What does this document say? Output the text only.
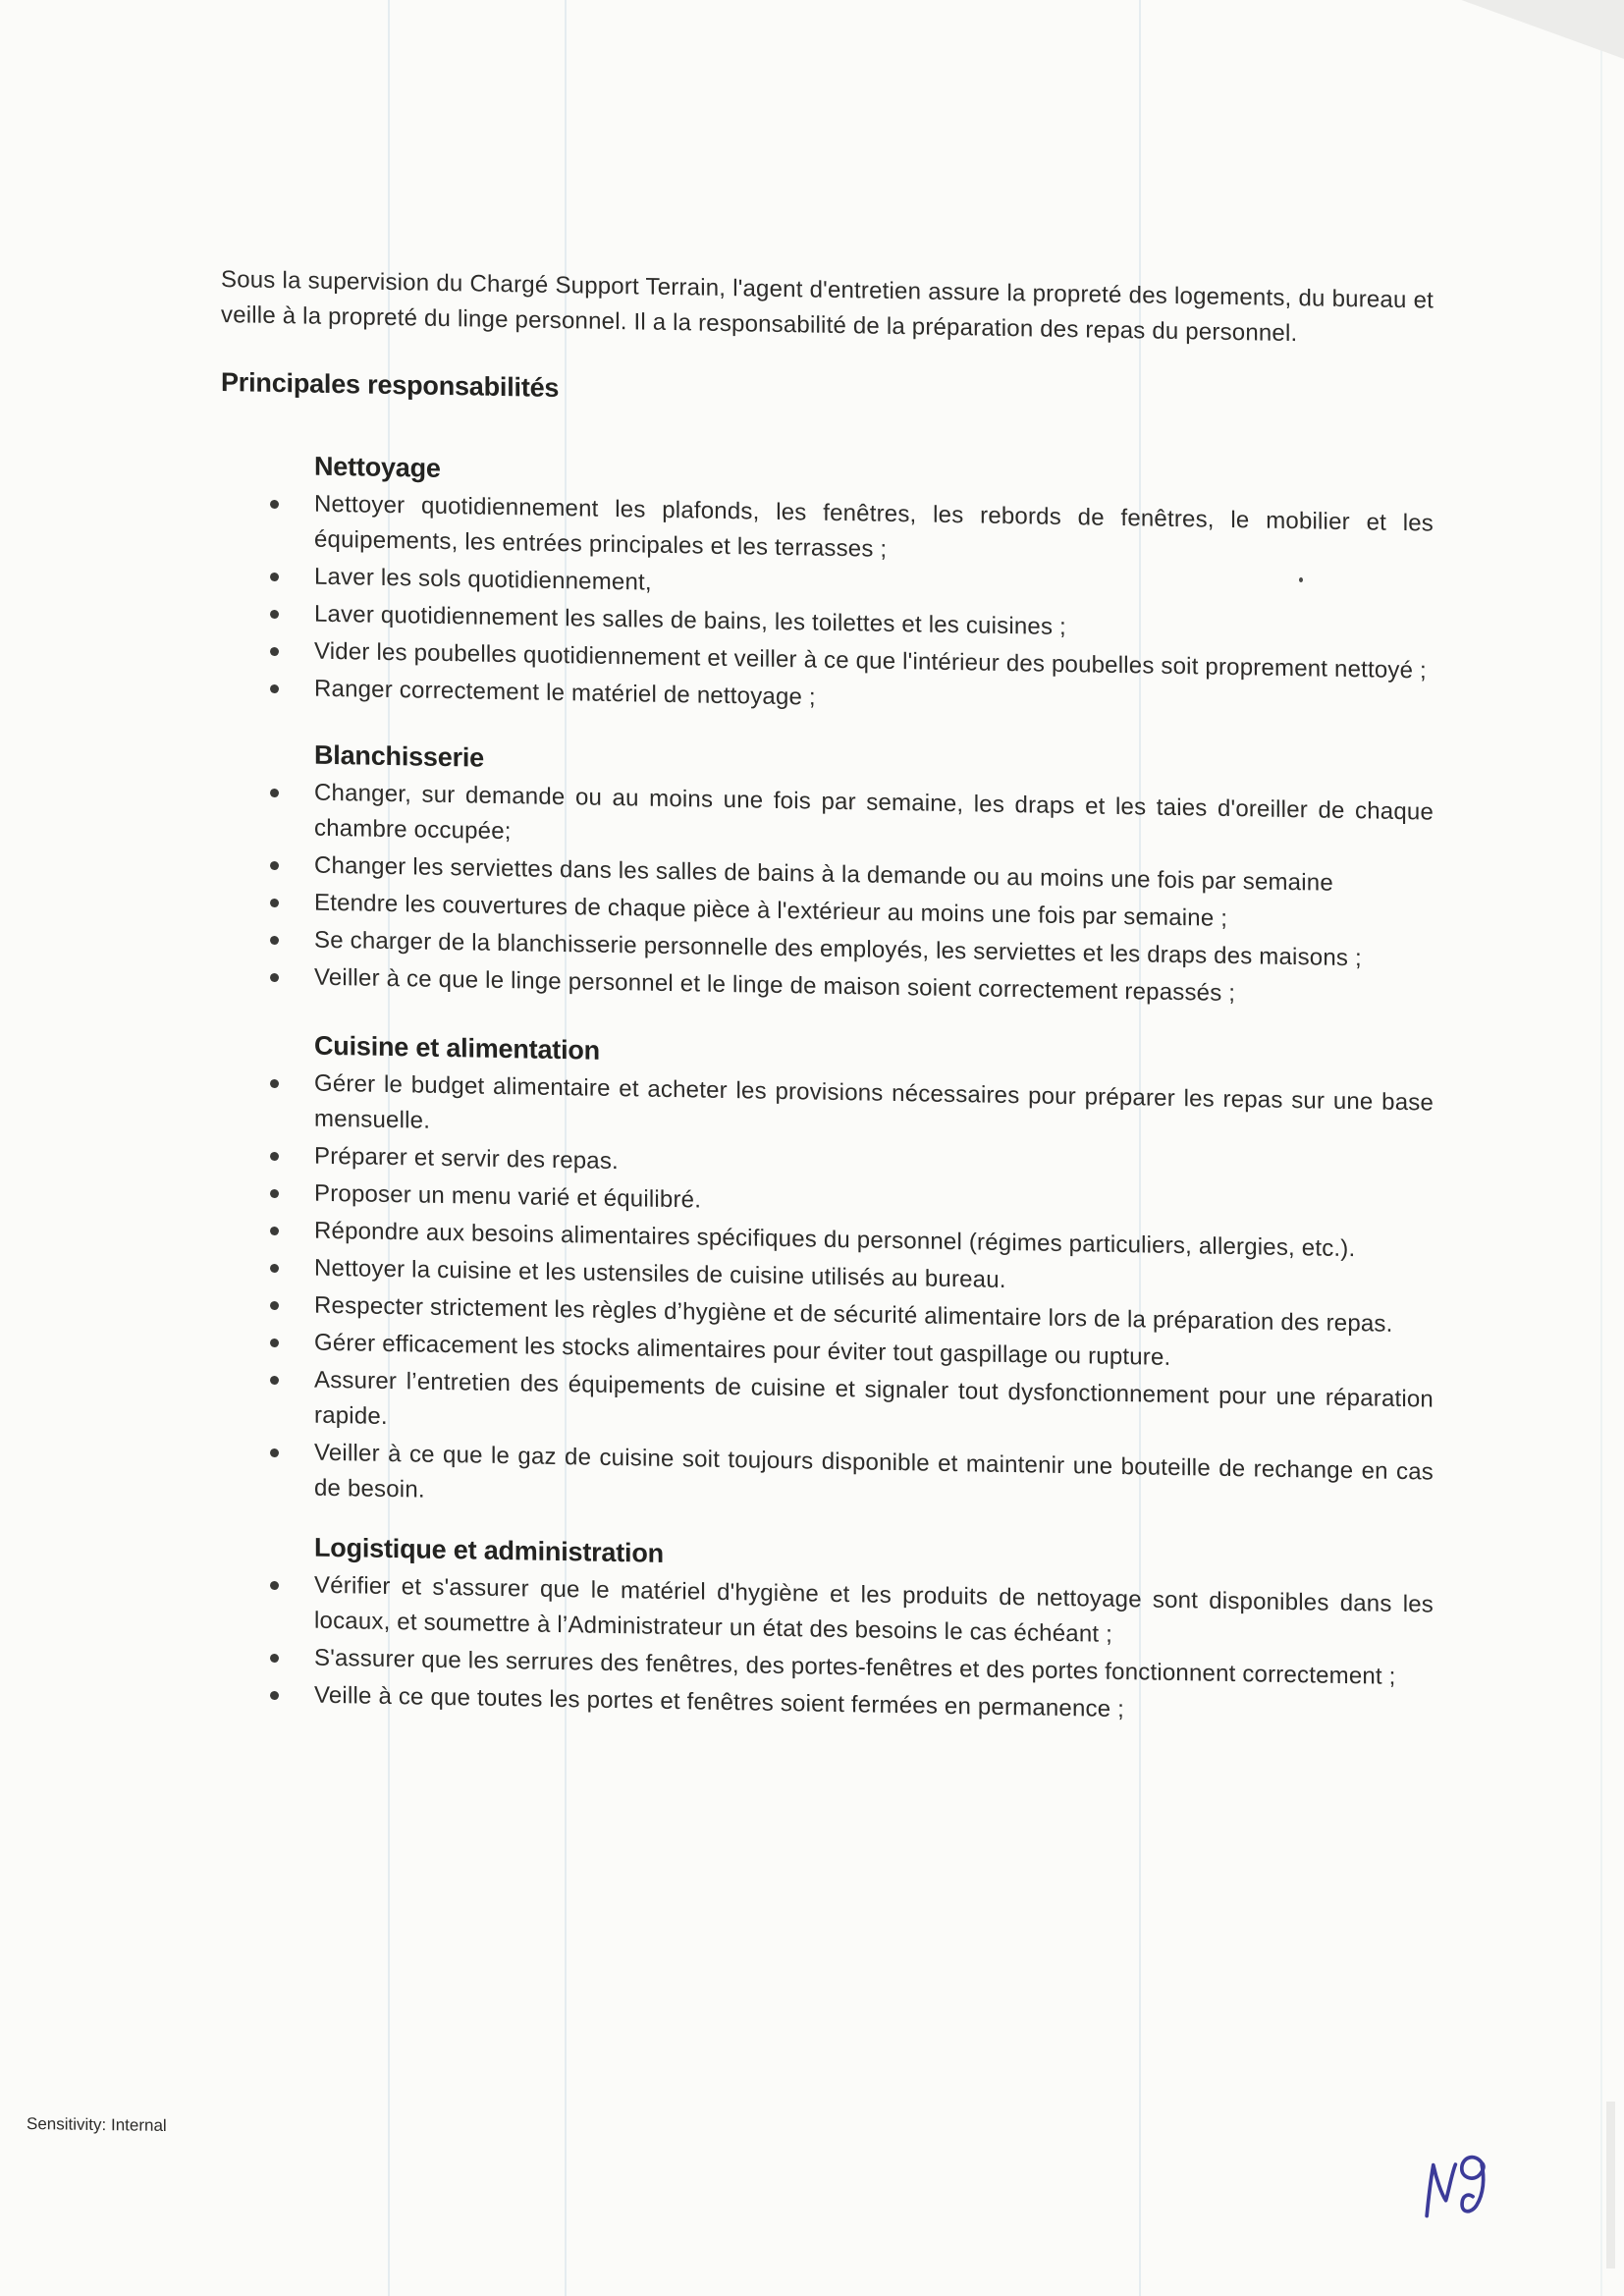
Sous la supervision du Chargé Support Terrain, l'agent d'entretien assure la propreté des logements, du bureau et veille à la propreté du linge personnel. Il a la responsabilité de la préparation des repas du personnel.

Principales responsabilités
Nettoyage
Nettoyer quotidiennement les plafonds, les fenêtres, les rebords de fenêtres, le mobilier et les équipements, les entrées principales et les terrasses ;
Laver les sols quotidiennement,
Laver quotidiennement les salles de bains, les toilettes et les cuisines ;
Vider les poubelles quotidiennement et veiller à ce que l'intérieur des poubelles soit proprement nettoyé ;
Ranger correctement le matériel de nettoyage ;
Blanchisserie
Changer, sur demande ou au moins une fois par semaine, les draps et les taies d'oreiller de chaque chambre occupée;
Changer les serviettes dans les salles de bains à la demande ou au moins une fois par semaine
Etendre les couvertures de chaque pièce à l'extérieur au moins une fois par semaine ;
Se charger de la blanchisserie personnelle des employés, les serviettes et les draps des maisons ;
Veiller à ce que le linge personnel et le linge de maison soient correctement repassés ;
Cuisine et alimentation
Gérer le budget alimentaire et acheter les provisions nécessaires pour préparer les repas sur une base mensuelle.
Préparer et servir des repas.
Proposer un menu varié et équilibré.
Répondre aux besoins alimentaires spécifiques du personnel (régimes particuliers, allergies, etc.).
Nettoyer la cuisine et les ustensiles de cuisine utilisés au bureau.
Respecter strictement les règles d’hygiène et de sécurité alimentaire lors de la préparation des repas.
Gérer efficacement les stocks alimentaires pour éviter tout gaspillage ou rupture.
Assurer l’entretien des équipements de cuisine et signaler tout dysfonctionnement pour une réparation rapide.
Veiller à ce que le gaz de cuisine soit toujours disponible et maintenir une bouteille de rechange en cas de besoin.
Logistique et administration
Vérifier et s'assurer que le matériel d'hygiène et les produits de nettoyage sont disponibles dans les locaux, et soumettre à l’Administrateur un état des besoins le cas échéant ;
S'assurer que les serrures des fenêtres, des portes-fenêtres et des portes fonctionnent correctement ;
Veille à ce que toutes les portes et fenêtres soient fermées en permanence ;
Sensitivity: Internal
